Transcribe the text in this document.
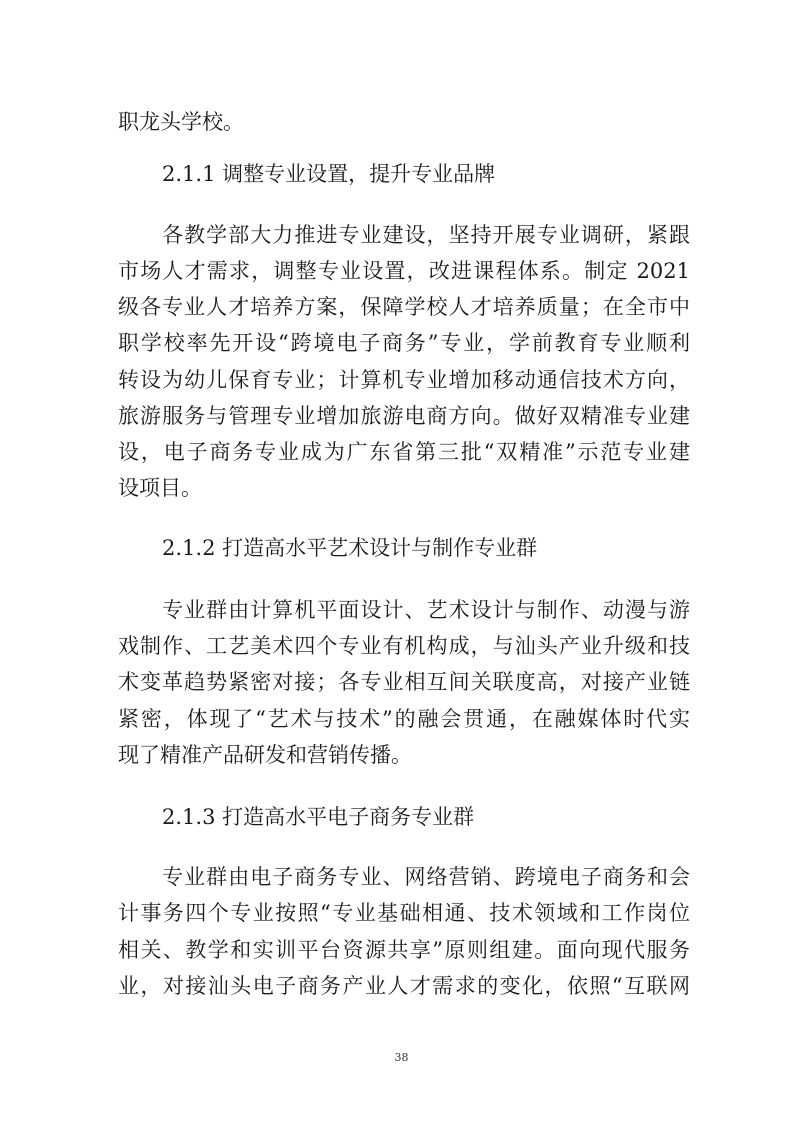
职龙头学校。
2.1.1 调整专业设置，提升专业品牌
　　各教学部大力推进专业建设，坚持开展专业调研，紧跟
市场人才需求，调整专业设置，改进课程体系。制定 2021
级各专业人才培养方案，保障学校人才培养质量；在全市中
职学校率先开设“跨境电子商务”专业，学前教育专业顺利
转设为幼儿保育专业；计算机专业增加移动通信技术方向，
旅游服务与管理专业增加旅游电商方向。做好双精准专业建
设，电子商务专业成为广东省第三批“双精准”示范专业建
设项目。
2.1.2 打造高水平艺术设计与制作专业群
　　专业群由计算机平面设计、艺术设计与制作、动漫与游
戏制作、工艺美术四个专业有机构成，与汕头产业升级和技
术变革趋势紧密对接；各专业相互间关联度高，对接产业链
紧密，体现了“艺术与技术”的融会贯通，在融媒体时代实
现了精准产品研发和营销传播。
2.1.3 打造高水平电子商务专业群
　　专业群由电子商务专业、网络营销、跨境电子商务和会
计事务四个专业按照“专业基础相通、技术领域和工作岗位
相关、教学和实训平台资源共享”原则组建。面向现代服务
业，对接汕头电子商务产业人才需求的变化，依照“互联网
38
